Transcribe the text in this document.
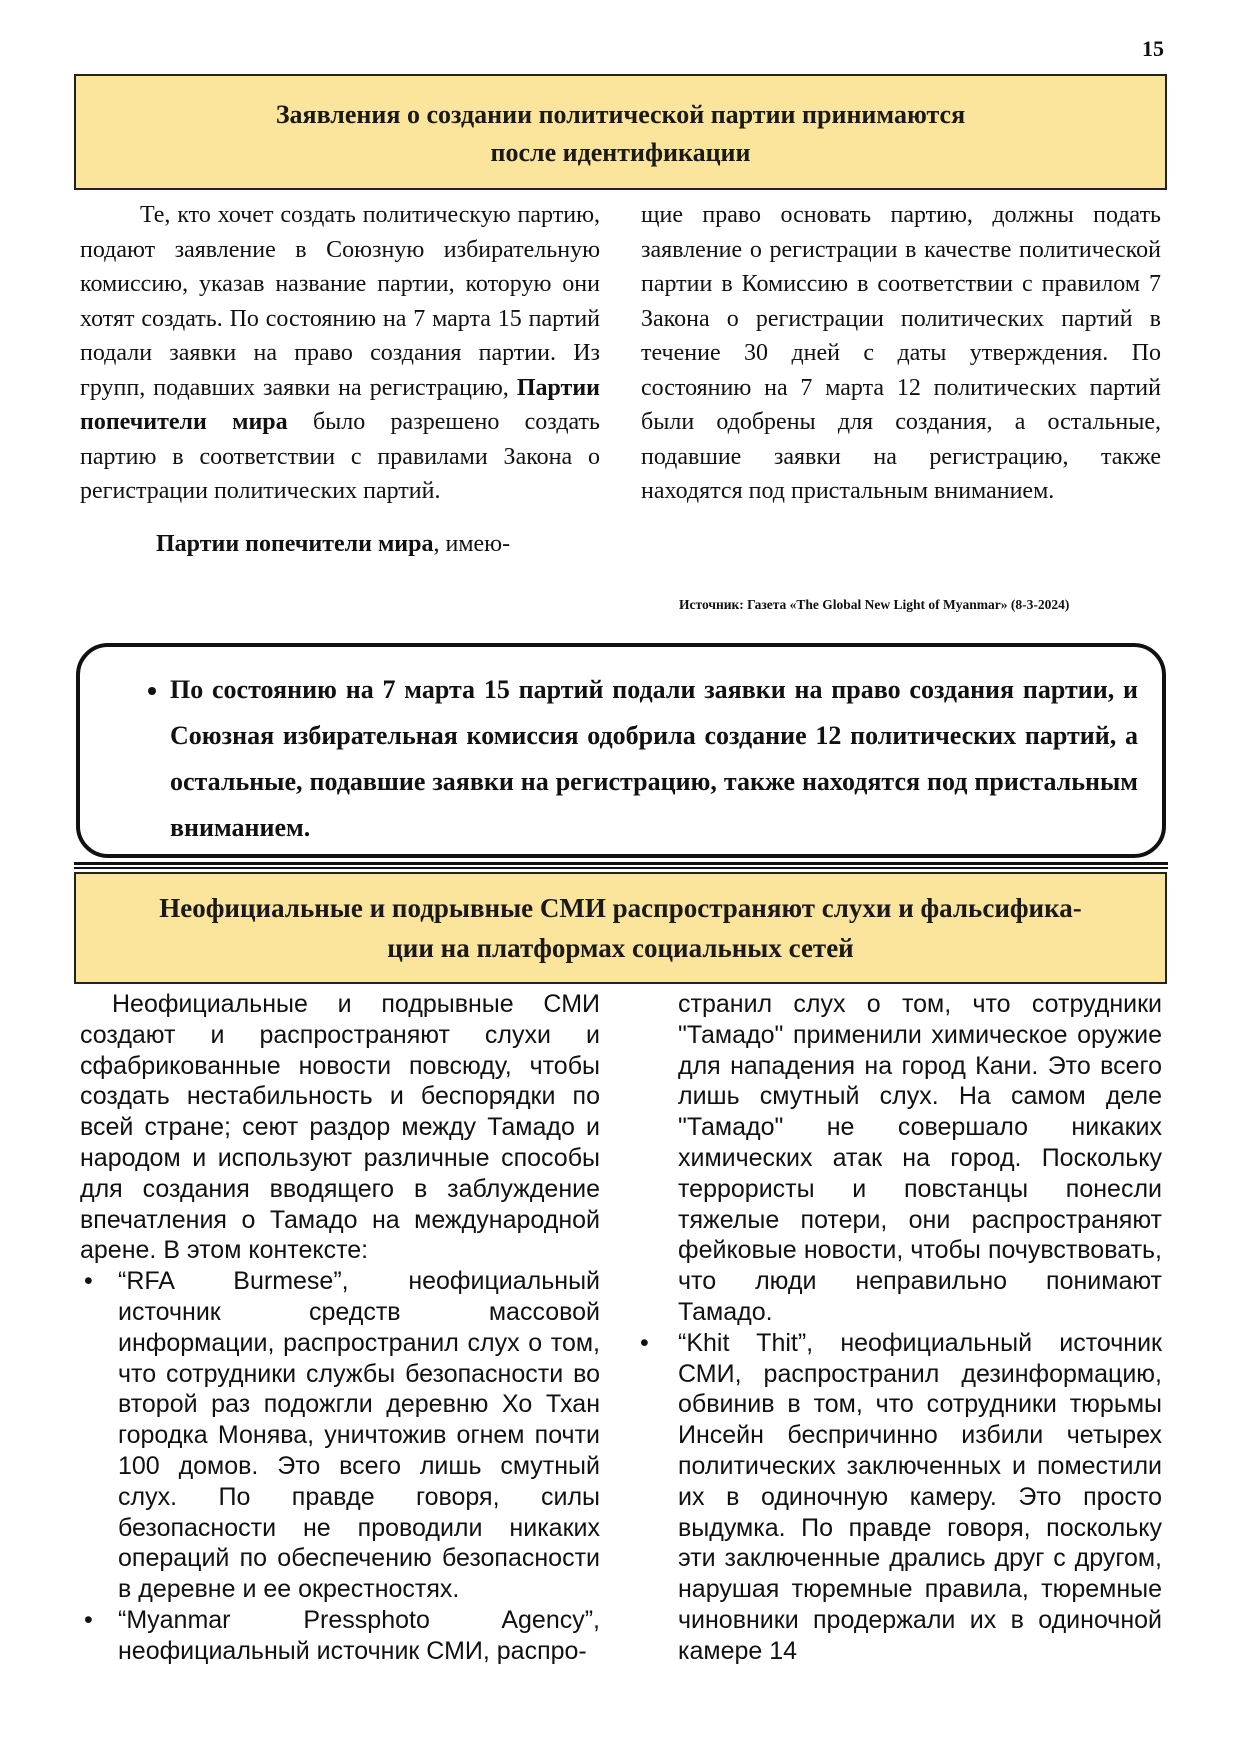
15
Заявления о создании политической партии принимаются
после идентификации

Те, кто хочет создать политическую партию, подают заявление в Союзную избирательную комиссию, указав название партии, которую они хотят создать. По состоянию на 7 марта 15 партий подали заявки на право создания партии. Из групп, подавших заявки на регистрацию, Партии попечители мира было разрешено создать партию в соответствии с правилами Закона о регистрации политических партий.

Партии попечители мира, имею-

щие право основать партию, должны подать заявление о регистрации в качестве политической партии в Комиссию в соответствии с правилом 7 Закона о регистрации политических партий в течение 30 дней с даты утверждения. По состоянию на 7 марта 12 политических партий были одобрены для создания, а остальные, подавшие заявки на регистрацию, также находятся под пристальным вниманием.

Источник: Газета «The Global New Light of Myanmar» (8-3-2024)
• По состоянию на 7 марта 15 партий подали заявки на право создания партии, и Союзная избирательная комиссия одобрила создание 12 политических партий, а остальные, подавшие заявки на регистрацию, также находятся под пристальным вниманием.
Неофициальные и подрывные СМИ распространяют слухи и фальсифика-
ции на платформах социальных сетей

Неофициальные и подрывные СМИ создают и распространяют слухи и сфабрикованные новости повсюду, чтобы создать нестабильность и беспорядки по всей стране; сеют раздор между Тамадо и народом и используют различные способы для создания вводящего в заблуждение впечатления о Тамадо на международной арене. В этом контексте:

• “RFA Burmese”, неофициальный источник средств массовой информации, распространил слух о том, что сотрудники службы безопасности во второй раз подожгли деревню Хо Тхан городка Монява, уничтожив огнем почти 100 домов. Это всего лишь смутный слух. По правде говоря, силы безопасности не проводили никаких операций по обеспечению безопасности в деревне и ее окрестностях.
• “Myanmar Pressphoto Agency”, неофициальный источник СМИ, распро-

странил слух о том, что сотрудники "Тамадо" применили химическое оружие для нападения на город Кани. Это всего лишь смутный слух. На самом деле "Тамадо" не совершало никаких химических атак на город. Поскольку террористы и повстанцы понесли тяжелые потери, они распространяют фейковые новости, чтобы почувствовать, что люди неправильно понимают Тамадо.

• “Khit Thit”, неофициальный источник СМИ, распространил дезинформацию, обвинив в том, что сотрудники тюрьмы Инсейн беспричинно избили четырех политических заключенных и поместили их в одиночную камеру. Это просто выдумка. По правде говоря, поскольку эти заключенные дрались друг с другом, нарушая тюремные правила, тюремные чиновники продержали их в одиночной камере 14
